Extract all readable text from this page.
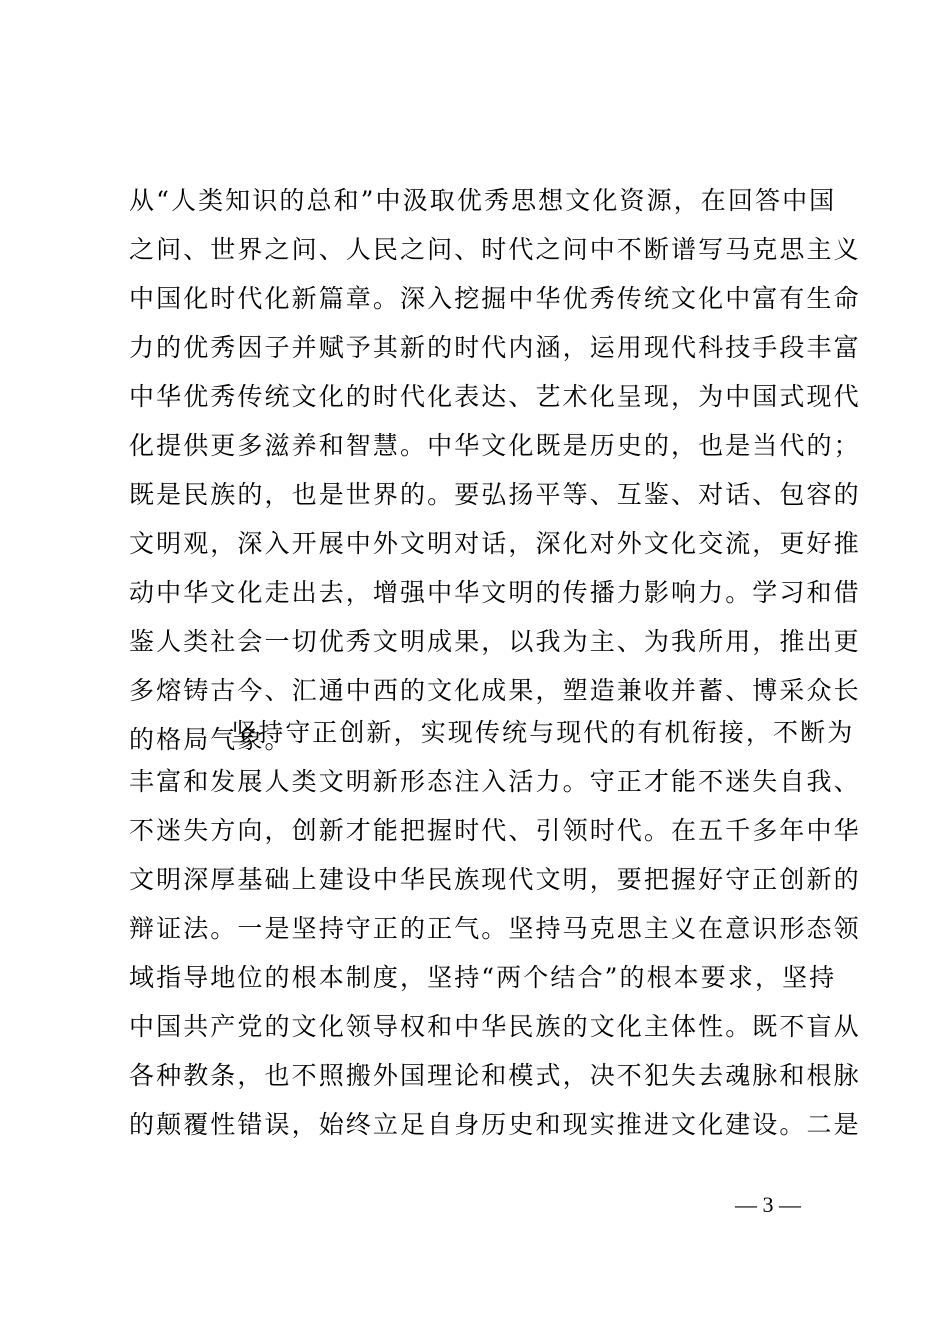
从“人类知识的总和”中汲取优秀思想文化资源，在回答中国
之问、世界之问、人民之问、时代之问中不断谱写马克思主义
中国化时代化新篇章。深入挖掘中华优秀传统文化中富有生命
力的优秀因子并赋予其新的时代内涵，运用现代科技手段丰富
中华优秀传统文化的时代化表达、艺术化呈现，为中国式现代
化提供更多滋养和智慧。中华文化既是历史的，也是当代的；
既是民族的，也是世界的。要弘扬平等、互鉴、对话、包容的
文明观，深入开展中外文明对话，深化对外文化交流，更好推
动中华文化走出去，增强中华文明的传播力影响力。学习和借
鉴人类社会一切优秀文明成果，以我为主、为我所用，推出更
多熔铸古今、汇通中西的文化成果，塑造兼收并蓄、博采众长
的格局气象。
坚持守正创新，实现传统与现代的有机衔接，不断为
丰富和发展人类文明新形态注入活力。守正才能不迷失自我、
不迷失方向，创新才能把握时代、引领时代。在五千多年中华
文明深厚基础上建设中华民族现代文明，要把握好守正创新的
辩证法。一是坚持守正的正气。坚持马克思主义在意识形态领
域指导地位的根本制度，坚持“两个结合”的根本要求，坚持
中国共产党的文化领导权和中华民族的文化主体性。既不盲从
各种教条，也不照搬外国理论和模式，决不犯失去魂脉和根脉
的颠覆性错误，始终立足自身历史和现实推进文化建设。二是
— 3 —
